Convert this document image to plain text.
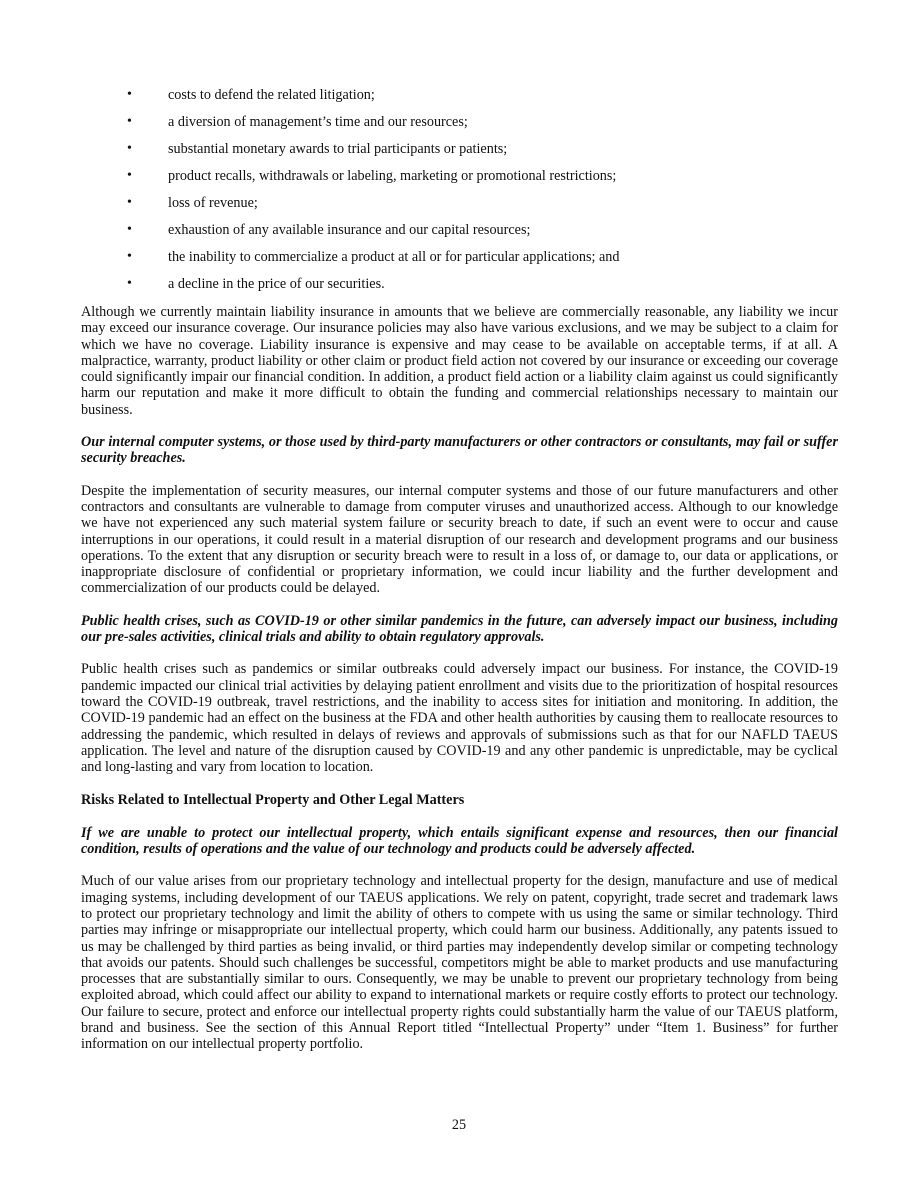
•	costs to defend the related litigation;
•	a diversion of management’s time and our resources;
•	substantial monetary awards to trial participants or patients;
•	product recalls, withdrawals or labeling, marketing or promotional restrictions;
•	loss of revenue;
•	exhaustion of any available insurance and our capital resources;
•	the inability to commercialize a product at all or for particular applications; and
•	a decline in the price of our securities.

Although we currently maintain liability insurance in amounts that we believe are commercially reasonable, any liability we incur may exceed our insurance coverage. Our insurance policies may also have various exclusions, and we may be subject to a claim for which we have no coverage. Liability insurance is expensive and may cease to be available on acceptable terms, if at all. A malpractice, warranty, product liability or other claim or product field action not covered by our insurance or exceeding our coverage could significantly impair our financial condition. In addition, a product field action or a liability claim against us could significantly harm our reputation and make it more difficult to obtain the funding and commercial relationships necessary to maintain our business.

Our internal computer systems, or those used by third-party manufacturers or other contractors or consultants, may fail or suffer security breaches.

Despite the implementation of security measures, our internal computer systems and those of our future manufacturers and other contractors and consultants are vulnerable to damage from computer viruses and unauthorized access. Although to our knowledge we have not experienced any such material system failure or security breach to date, if such an event were to occur and cause interruptions in our operations, it could result in a material disruption of our research and development programs and our business operations. To the extent that any disruption or security breach were to result in a loss of, or damage to, our data or applications, or inappropriate disclosure of confidential or proprietary information, we could incur liability and the further development and commercialization of our products could be delayed.

Public health crises, such as COVID-19 or other similar pandemics in the future, can adversely impact our business, including our pre-sales activities, clinical trials and ability to obtain regulatory approvals.

Public health crises such as pandemics or similar outbreaks could adversely impact our business. For instance, the COVID-19 pandemic impacted our clinical trial activities by delaying patient enrollment and visits due to the prioritization of hospital resources toward the COVID-19 outbreak, travel restrictions, and the inability to access sites for initiation and monitoring. In addition, the COVID-19 pandemic had an effect on the business at the FDA and other health authorities by causing them to reallocate resources to addressing the pandemic, which resulted in delays of reviews and approvals of submissions such as that for our NAFLD TAEUS application. The level and nature of the disruption caused by COVID-19 and any other pandemic is unpredictable, may be cyclical and long-lasting and vary from location to location.

Risks Related to Intellectual Property and Other Legal Matters

If we are unable to protect our intellectual property, which entails significant expense and resources, then our financial condition, results of operations and the value of our technology and products could be adversely affected.

Much of our value arises from our proprietary technology and intellectual property for the design, manufacture and use of medical imaging systems, including development of our TAEUS applications. We rely on patent, copyright, trade secret and trademark laws to protect our proprietary technology and limit the ability of others to compete with us using the same or similar technology. Third parties may infringe or misappropriate our intellectual property, which could harm our business. Additionally, any patents issued to us may be challenged by third parties as being invalid, or third parties may independently develop similar or competing technology that avoids our patents. Should such challenges be successful, competitors might be able to market products and use manufacturing processes that are substantially similar to ours. Consequently, we may be unable to prevent our proprietary technology from being exploited abroad, which could affect our ability to expand to international markets or require costly efforts to protect our technology. Our failure to secure, protect and enforce our intellectual property rights could substantially harm the value of our TAEUS platform, brand and business. See the section of this Annual Report titled “Intellectual Property” under “Item 1. Business” for further information on our intellectual property portfolio.

25
